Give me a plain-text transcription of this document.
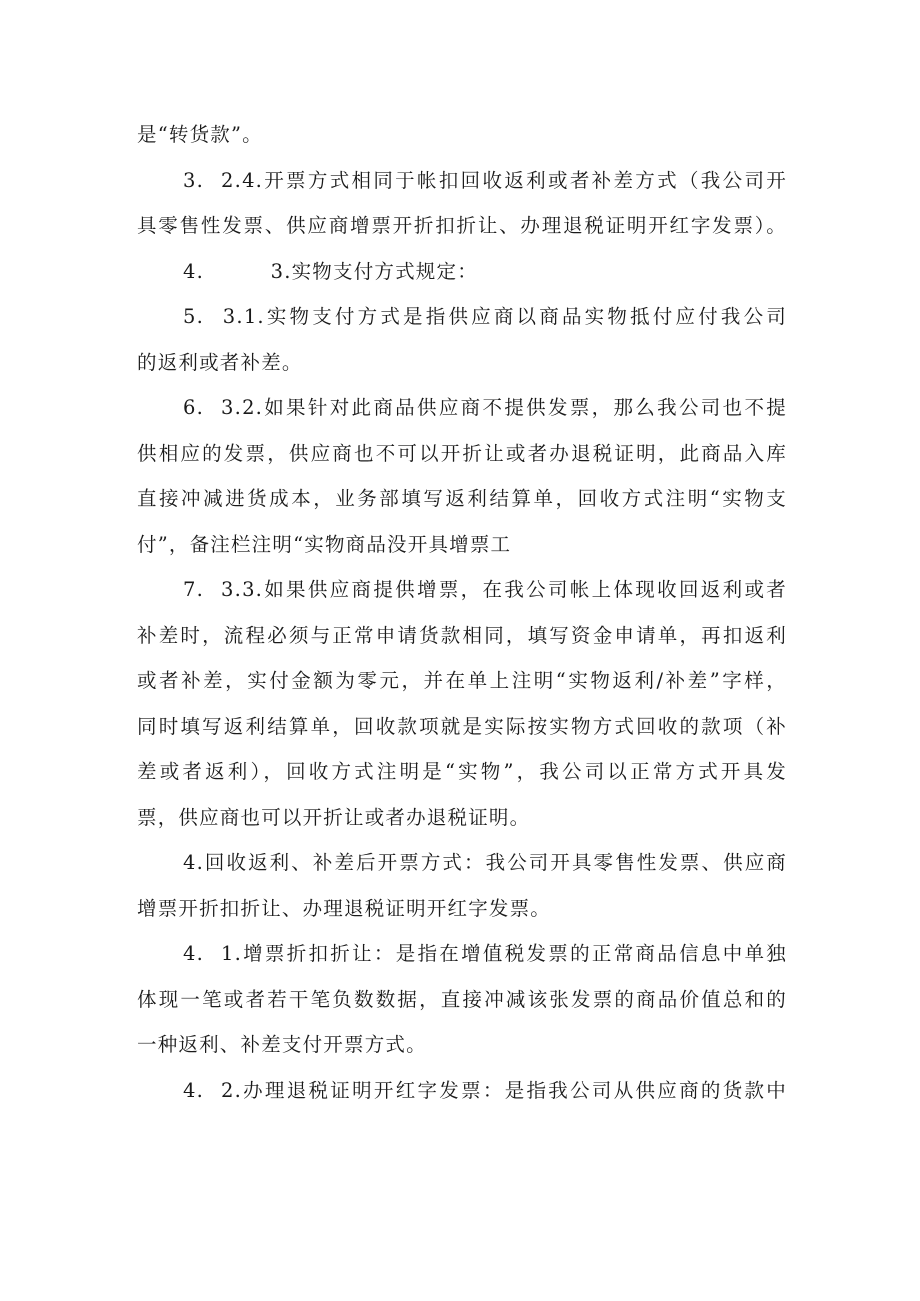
是“转货款”。
3.  2.4.开票方式相同于帐扣回收返利或者补差方式（我公司开
具零售性发票、供应商增票开折扣折让、办理退税证明开红字发票）。
4.         3.实物支付方式规定：
5.  3.1.实物支付方式是指供应商以商品实物抵付应付我公司
的返利或者补差。
6.  3.2.如果针对此商品供应商不提供发票，那么我公司也不提
供相应的发票，供应商也不可以开折让或者办退税证明，此商品入库
直接冲减进货成本，业务部填写返利结算单，回收方式注明“实物支
付”，备注栏注明“实物商品没开具增票工
7.  3.3.如果供应商提供增票，在我公司帐上体现收回返利或者
补差时，流程必须与正常申请货款相同，填写资金申请单，再扣返利
或者补差，实付金额为零元，并在单上注明“实物返利/补差”字样，
同时填写返利结算单，回收款项就是实际按实物方式回收的款项（补
差或者返利），回收方式注明是“实物”，我公司以正常方式开具发
票，供应商也可以开折让或者办退税证明。
4.回收返利、补差后开票方式：我公司开具零售性发票、供应商
增票开折扣折让、办理退税证明开红字发票。
4.  1.增票折扣折让：是指在增值税发票的正常商品信息中单独
体现一笔或者若干笔负数数据，直接冲减该张发票的商品价值总和的
一种返利、补差支付开票方式。
4.  2.办理退税证明开红字发票：是指我公司从供应商的货款中
